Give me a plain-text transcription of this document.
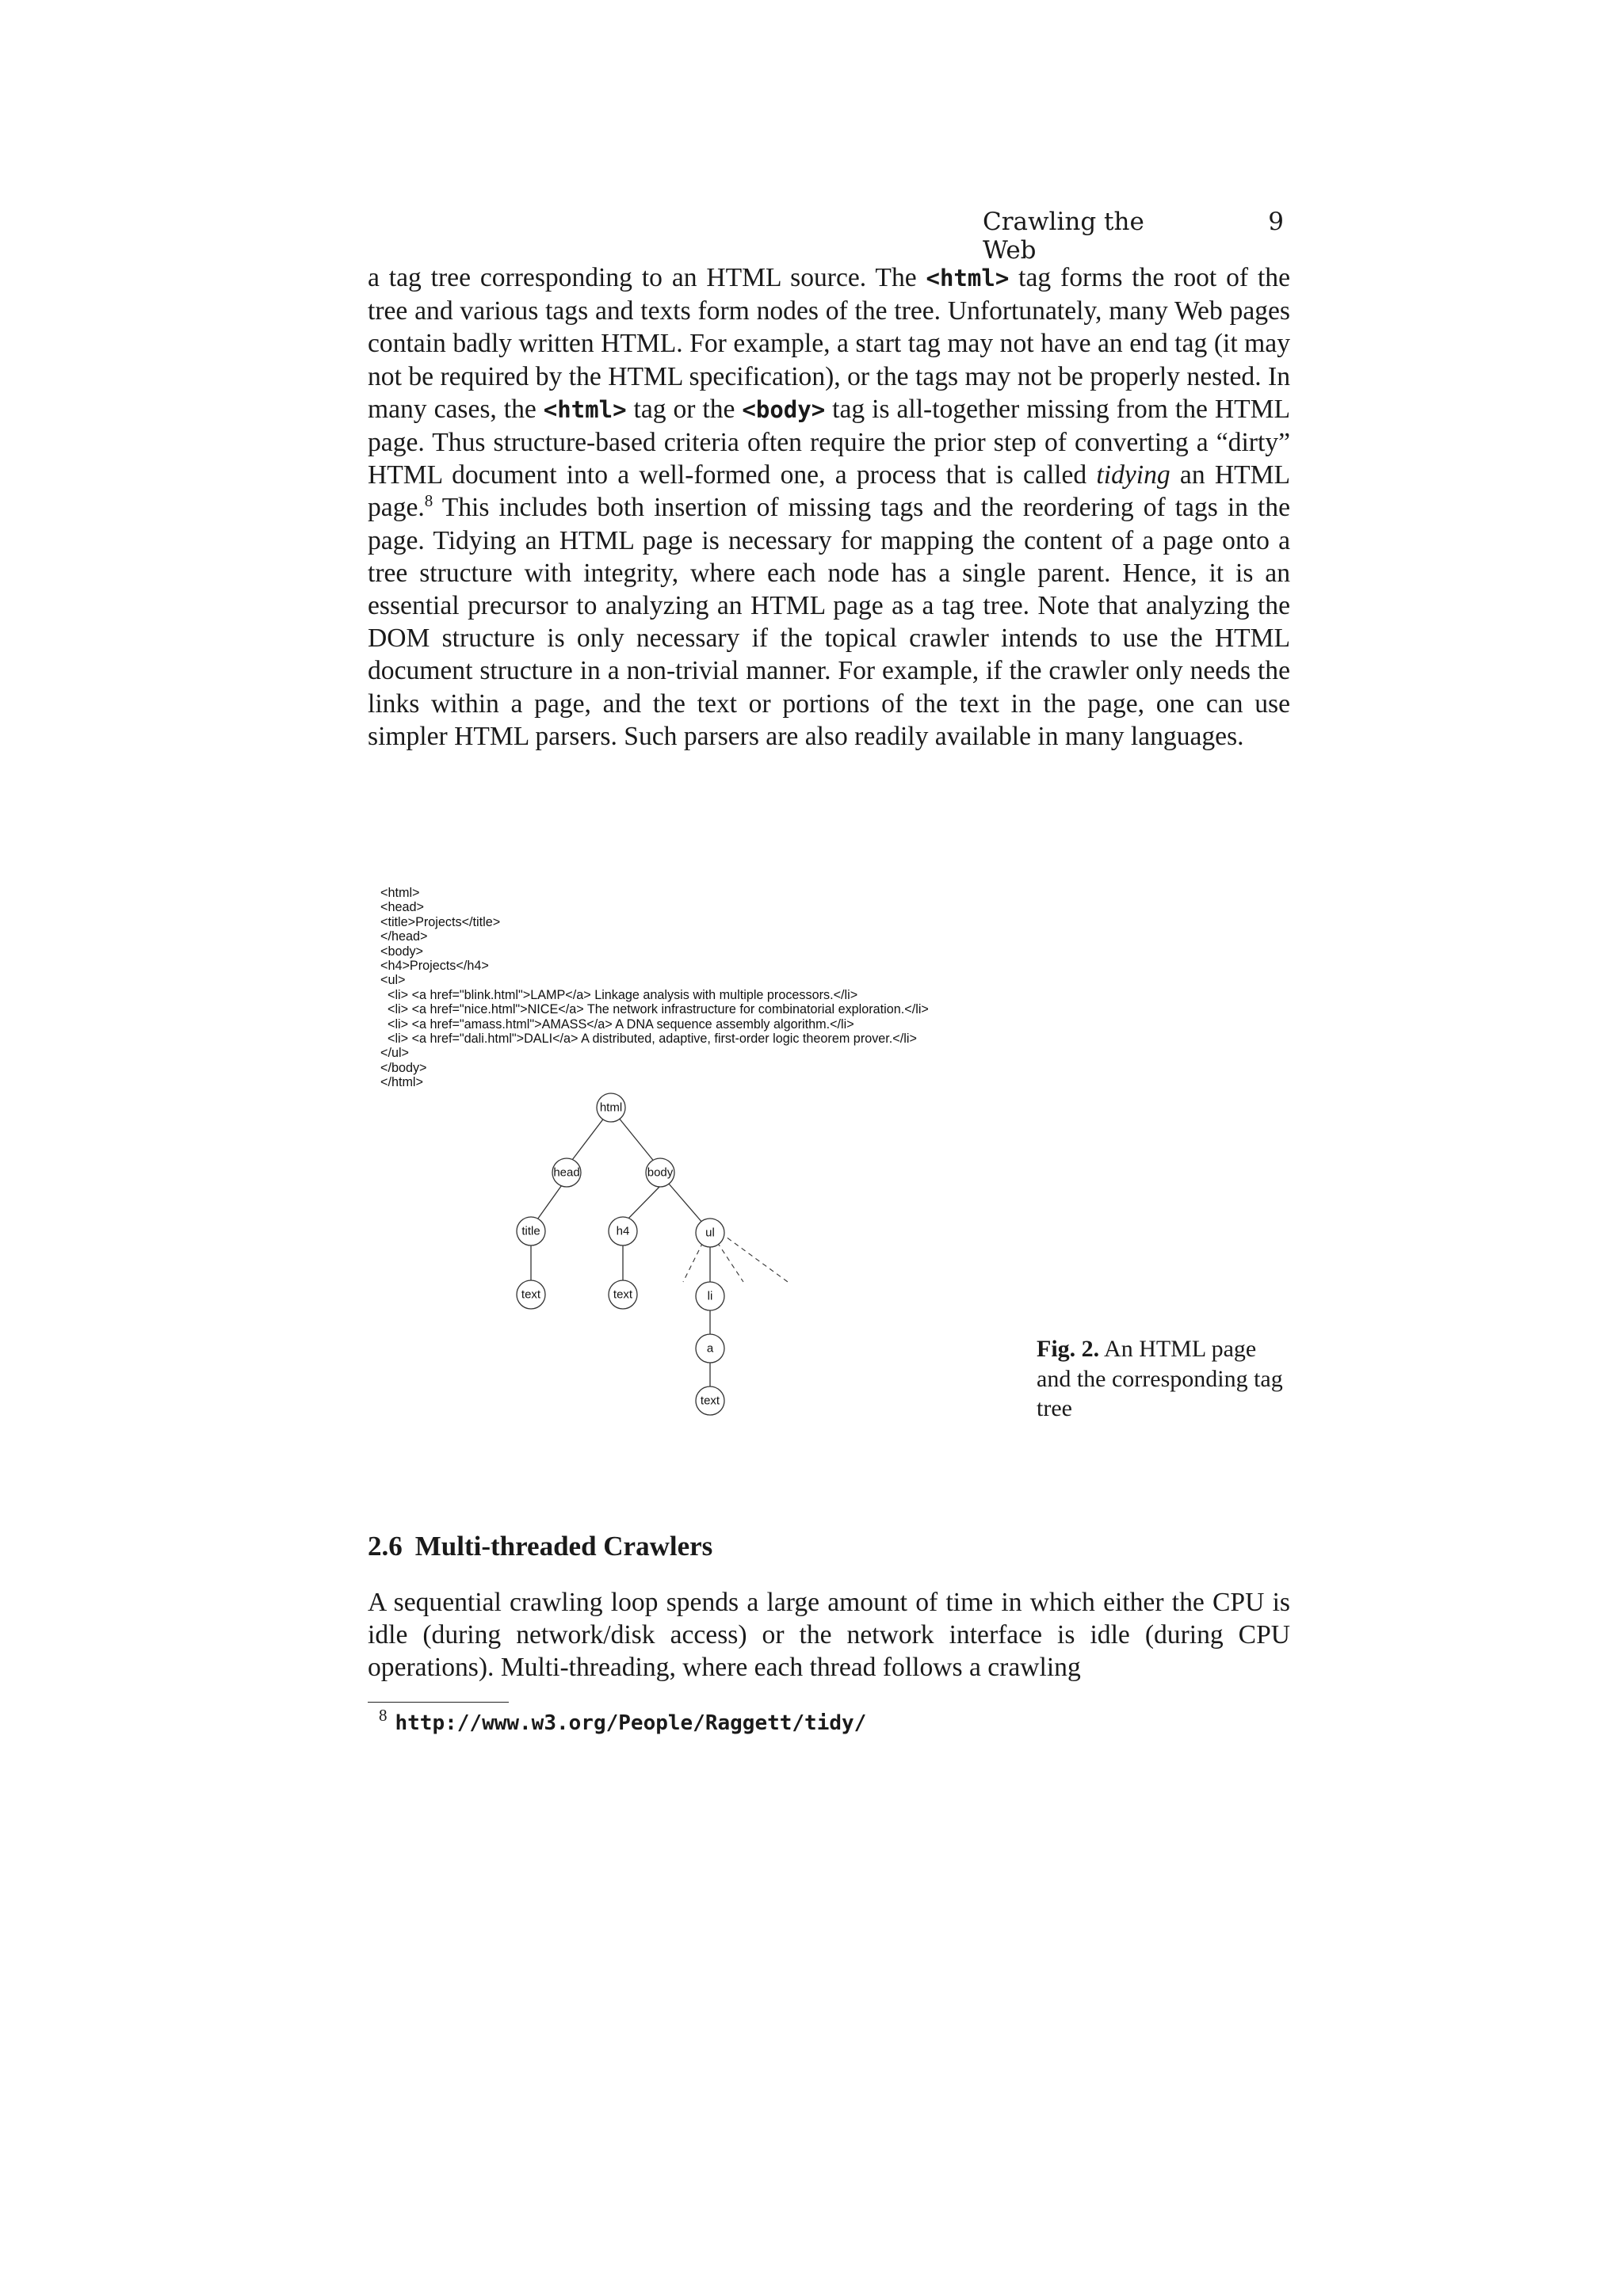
Crawling the Web
9

a tag tree corresponding to an HTML source. The <html> tag forms the root of the tree and various tags and texts form nodes of the tree. Unfortunately, many Web pages contain badly written HTML. For example, a start tag may not have an end tag (it may not be required by the HTML specification), or the tags may not be properly nested. In many cases, the <html> tag or the <body> tag is all-together missing from the HTML page. Thus structure-based criteria often require the prior step of converting a “dirty” HTML document into a well-formed one, a process that is called tidying an HTML page.$^8$ This includes both insertion of missing tags and the reordering of tags in the page. Tidying an HTML page is necessary for mapping the content of a page onto a tree structure with integrity, where each node has a single parent. Hence, it is an essential precursor to analyzing an HTML page as a tag tree. Note that analyzing the DOM structure is only necessary if the topical crawler intends to use the HTML document structure in a non-trivial manner. For example, if the crawler only needs the links within a page, and the text or portions of the text in the page, one can use simpler HTML parsers. Such parsers are also readily available in many languages.

<html>
<head>
<title>Projects</title>
</head>
<body>
<h4>Projects</h4>
<ul>
<li> <a href="blink.html">LAMP</a> Linkage analysis with multiple processors.</li>
<li> <a href="nice.html">NICE</a> The network infrastructure for combinatorial exploration.</li>
<li> <a href="amass.html">AMASS</a> A DNA sequence assembly algorithm.</li>
<li> <a href="dali.html">DALI</a> A distributed, adaptive, first-order logic theorem prover.</li>
</ul>
</body>
</html>
html
head	body
title	h4	ul
text	text	li
a
text
Fig. 2. An HTML page and the corresponding tag tree
2.6 Multi-threaded Crawlers

A sequential crawling loop spends a large amount of time in which either the CPU is idle (during network/disk access) or the network interface is idle (during CPU operations). Multi-threading, where each thread follows a crawling

$^8$ http://www.w3.org/People/Raggett/tidy/
